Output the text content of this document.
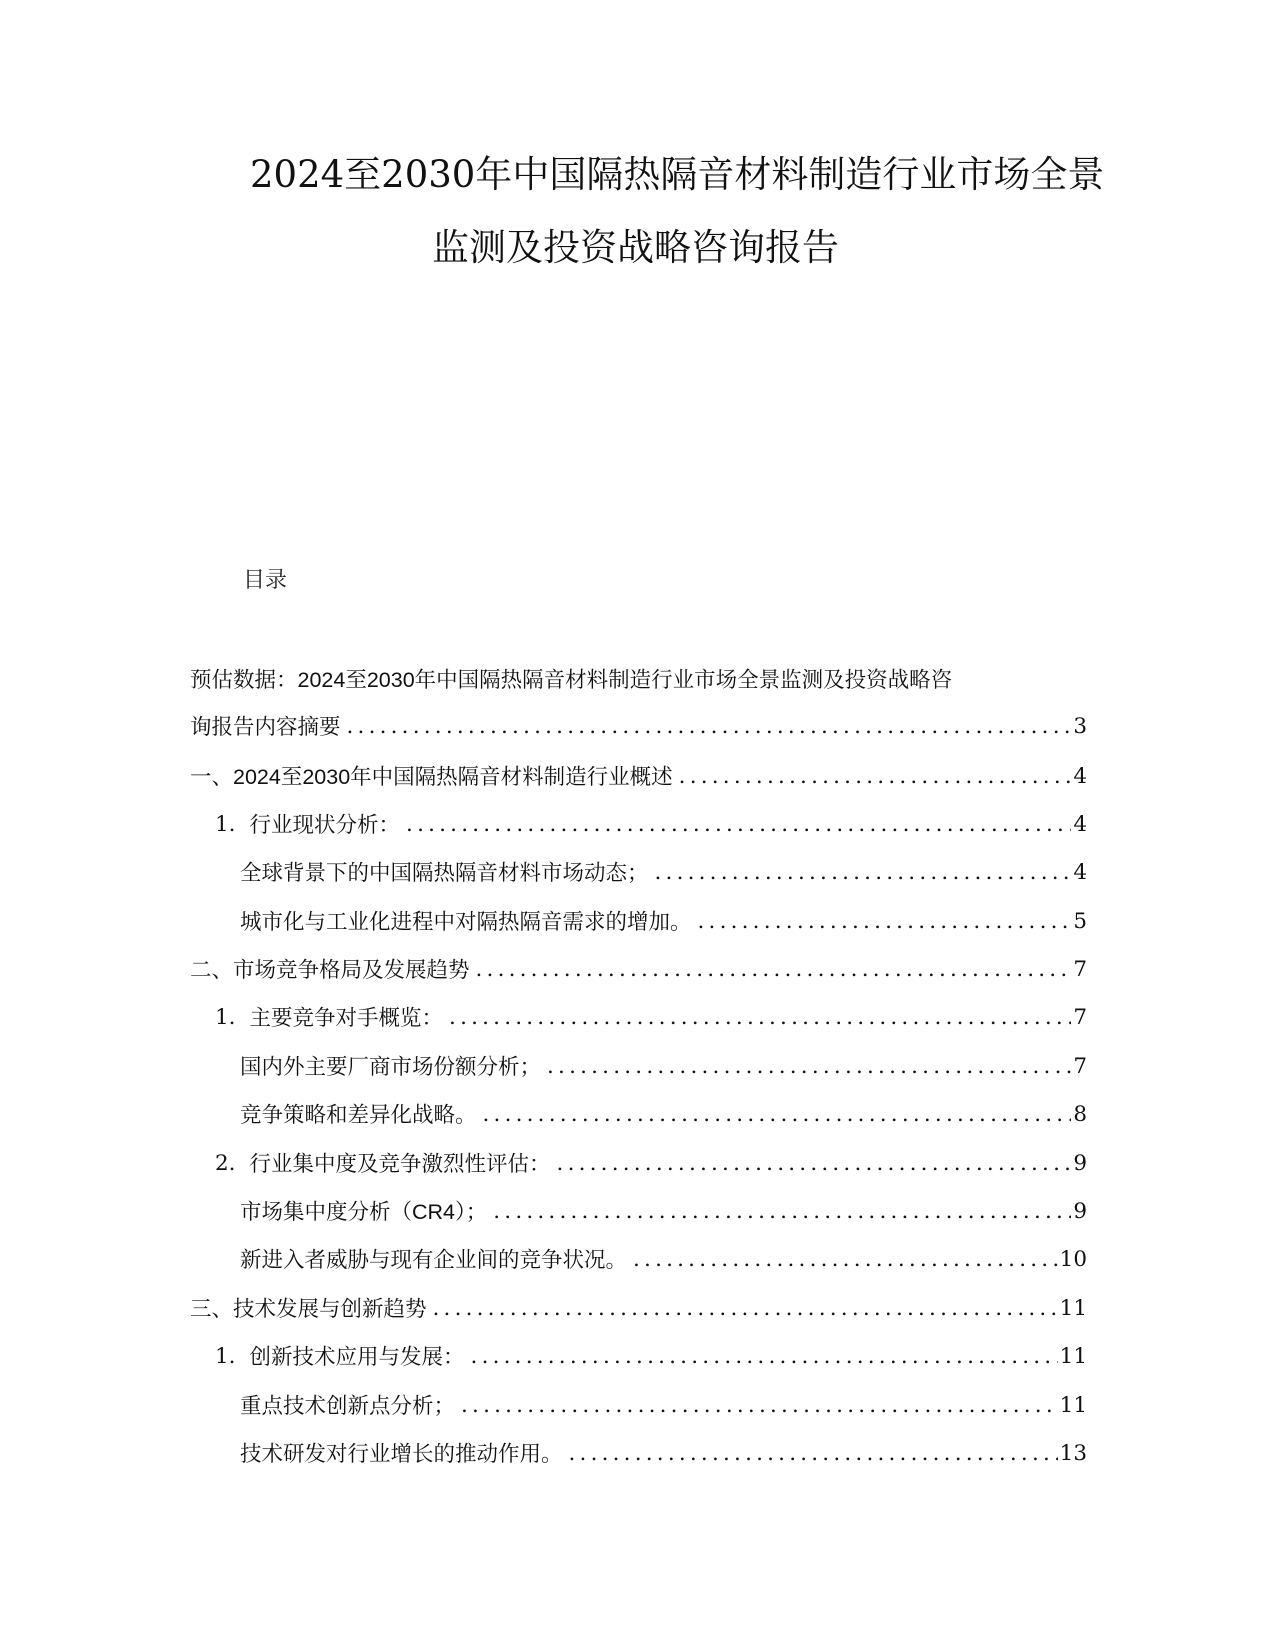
2024至2030年中国隔热隔音材料制造行业市场全景
监测及投资战略咨询报告
目录
预估数据：2024至2030年中国隔热隔音材料制造行业市场全景监测及投资战略咨
询报告内容摘要 .....	3
一、2024至2030年中国隔热隔音材料制造行业概述 .....	4
1. 行业现状分析： .....	4
全球背景下的中国隔热隔音材料市场动态； .....	4
城市化与工业化进程中对隔热隔音需求的增加。 .....	5
二、市场竞争格局及发展趋势 .....	7
1. 主要竞争对手概览： .....	7
国内外主要厂商市场份额分析； .....	7
竞争策略和差异化战略。 .....	8
2. 行业集中度及竞争激烈性评估： .....	9
市场集中度分析（CR4）； .....	9
新进入者威胁与现有企业间的竞争状况。 .....	10
三、技术发展与创新趋势 .....	11
1. 创新技术应用与发展： .....	11
重点技术创新点分析； .....	11
技术研发对行业增长的推动作用。 .....	13
